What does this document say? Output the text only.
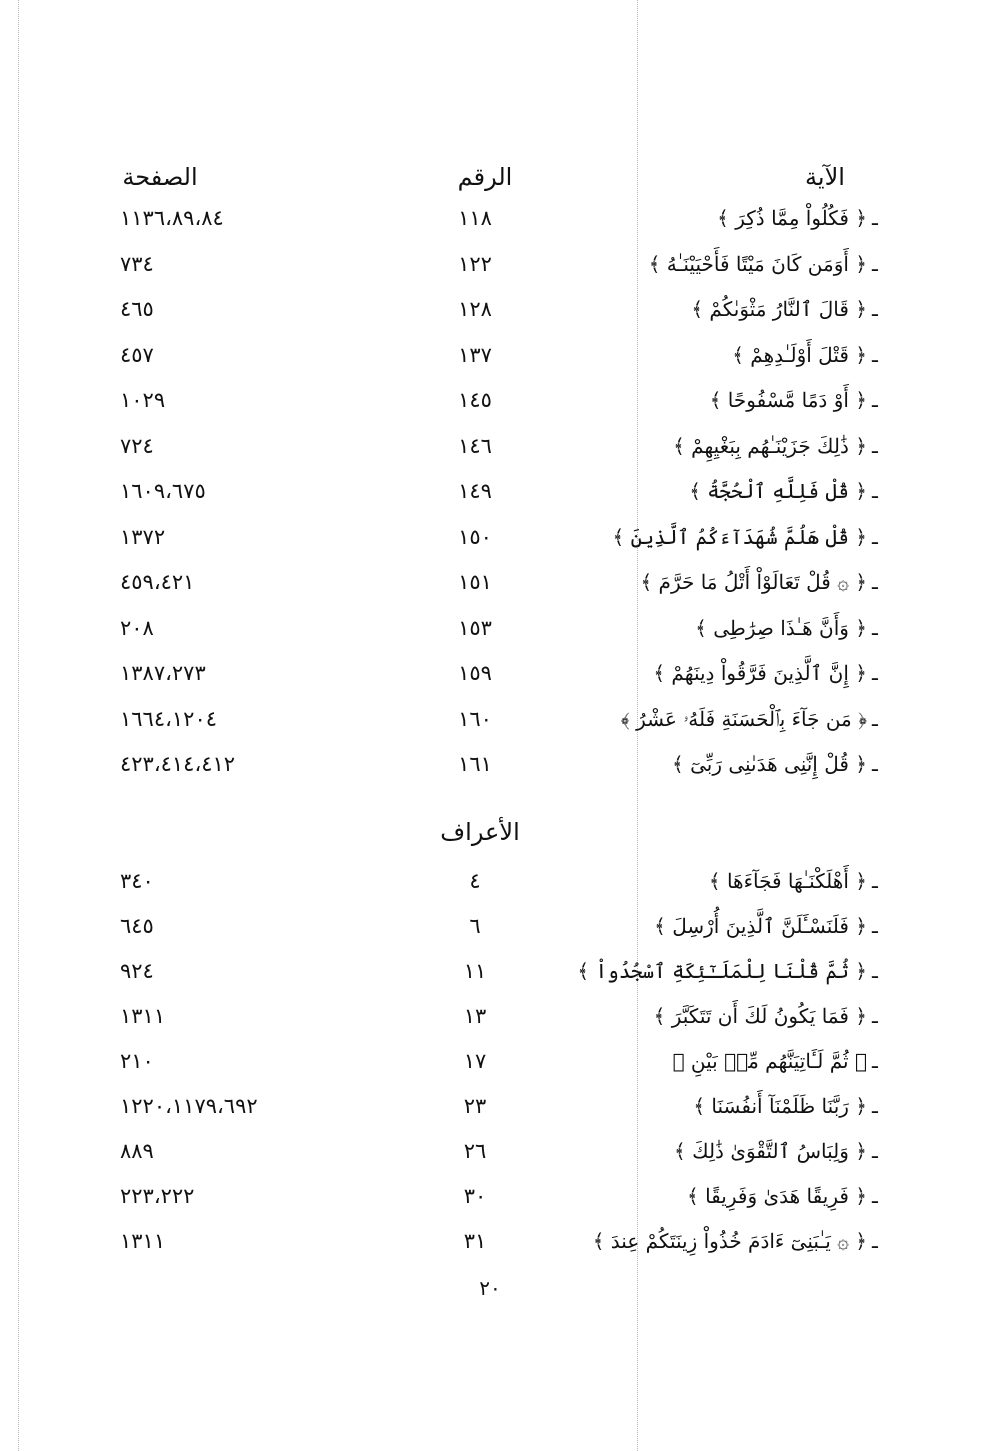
الآية
الرقم
الصفحة
ـ
﴿ فَكُلُواْ مِمَّا ذُكِرَ ﴾
١١٨
١١٣٦،٨٩،٨٤
ـ
﴿ أَوَمَن كَانَ مَيْتًا فَأَحْيَيْنَـٰهُ ﴾
١٢٢
٧٣٤
ـ
﴿ قَالَ ٱلنَّارُ مَثْوَىٰكُمْ ﴾
١٢٨
٤٦٥
ـ
﴿ قَتْلَ أَوْلَـٰدِهِمْ ﴾
١٣٧
٤٥٧
ـ
﴿ أَوْ دَمًا مَّسْفُوحًا ﴾
١٤٥
١٠٢٩
ـ
﴿ ذَٰلِكَ جَزَيْنَـٰهُم بِبَغْيِهِمْ ﴾
١٤٦
٧٢٤
ـ
﴿ قُلْ فَلِلَّهِ ٱلْحُجَّةُ ﴾
١٤٩
١٦٠٩،٦٧٥
ـ
﴿ قُلْ هَلُمَّ شُهَدَآءَكُمُ ٱلَّذِينَ ﴾
١٥٠
١٣٧٢
ـ
﴿ ۞ قُلْ تَعَالَوْاْ أَتْلُ مَا حَرَّمَ ﴾
١٥١
٤٥٩،٤٢١
ـ
﴿ وَأَنَّ هَـٰذَا صِرَٰطِى ﴾
١٥٣
٢٠٨
ـ
﴿ إِنَّ ٱلَّذِينَ فَرَّقُواْ دِينَهُمْ ﴾
١٥٩
١٣٨٧،٢٧٣
ـ
﴿ مَن جَآءَ بِٱلْحَسَنَةِ فَلَهُۥ عَشْرُ ﴾
١٦٠
١٦٦٤،١٢٠٤
ـ
﴿ قُلْ إِنَّنِى هَدَىٰنِى رَبِّىٓ ﴾
١٦١
٤٢٣،٤١٤،٤١٢
الأعراف
ـ
﴿ أَهْلَكْنَـٰهَا فَجَآءَهَا ﴾
٤
٣٤٠
ـ
﴿ فَلَنَسْـَٔلَنَّ ٱلَّذِينَ أُرْسِلَ ﴾
٦
٦٤٥
ـ
﴿ ثُمَّ قُلْنَا لِلْمَلَـٰٓئِكَةِ ٱسْجُدُواْ ﴾
١١
٩٢٤
ـ
﴿ فَمَا يَكُونُ لَكَ أَن تَتَكَبَّرَ ﴾
١٣
١٣١١
ـ
﴿ ثُمَّ لَـَٔاتِيَنَّهُم مِّنۢ بَيْنِ ﴾
١٧
٢١٠
ـ
﴿ رَبَّنَا ظَلَمْنَآ أَنفُسَنَا ﴾
٢٣
١٢٢٠،١١٧٩،٦٩٢
ـ
﴿ وَلِبَاسُ ٱلتَّقْوَىٰ ذَٰلِكَ ﴾
٢٦
٨٨٩
ـ
﴿ فَرِيقًا هَدَىٰ وَفَرِيقًا ﴾
٣٠
٢٢٣،٢٢٢
ـ
﴿ ۞ يَـٰبَنِىٓ ءَادَمَ خُذُواْ زِينَتَكُمْ عِندَ ﴾
٣١
١٣١١
٢٠
